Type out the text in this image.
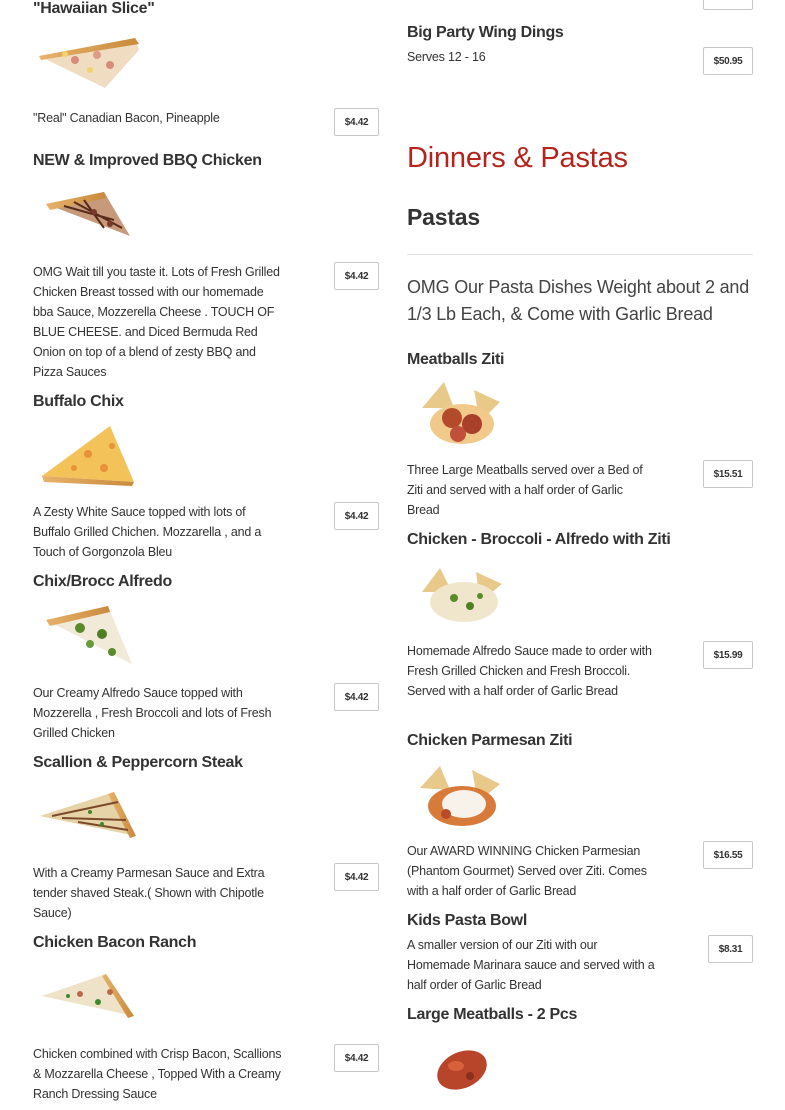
"Hawaiian Slice"
"Real" Canadian Bacon, Pineapple	$4.42
NEW & Improved BBQ Chicken
OMG Wait till you taste it. Lots of Fresh Grilled Chicken Breast tossed with our homemade bba Sauce, Mozzerella Cheese . TOUCH OF BLUE CHEESE. and Diced Bermuda Red Onion on top of a blend of zesty BBQ and Pizza Sauces
$4.42
Buffalo Chix
A Zesty White Sauce topped with lots of Buffalo Grilled Chichen. Mozzarella , and a Touch of Gorgonzola Bleu
$4.42
Chix/Brocc Alfredo
Our Creamy Alfredo Sauce topped with Mozzerella , Fresh Broccoli and lots of Fresh Grilled Chicken
$4.42
Scallion & Peppercorn Steak
With a Creamy Parmesan Sauce and Extra tender shaved Steak.( Shown with Chipotle Sauce)
$4.42
Chicken Bacon Ranch
Chicken combined with Crisp Bacon, Scallions & Mozzarella Cheese , Topped With a Creamy Ranch Dressing Sauce
$4.42
Big Party Wing Dings
Serves 12 - 16	$50.95
Dinners & Pastas
Pastas
OMG Our Pasta Dishes Weight about 2 and 1/3 Lb Each, & Come with Garlic Bread
Meatballs Ziti
Three Large Meatballs served over a Bed of Ziti and served with a half order of Garlic Bread
$15.51
Chicken - Broccoli - Alfredo with Ziti
Homemade Alfredo Sauce made to order with Fresh Grilled Chicken and Fresh Broccoli. Served with a half order of Garlic Bread
$15.99
Chicken Parmesan Ziti
Our AWARD WINNING Chicken Parmesian (Phantom Gourmet) Served over Ziti. Comes with a half order of Garlic Bread
$16.55
Kids Pasta Bowl
A smaller version of our Ziti with our Homemade Marinara sauce and served with a half order of Garlic Bread
$8.31
Large Meatballs - 2 Pcs
